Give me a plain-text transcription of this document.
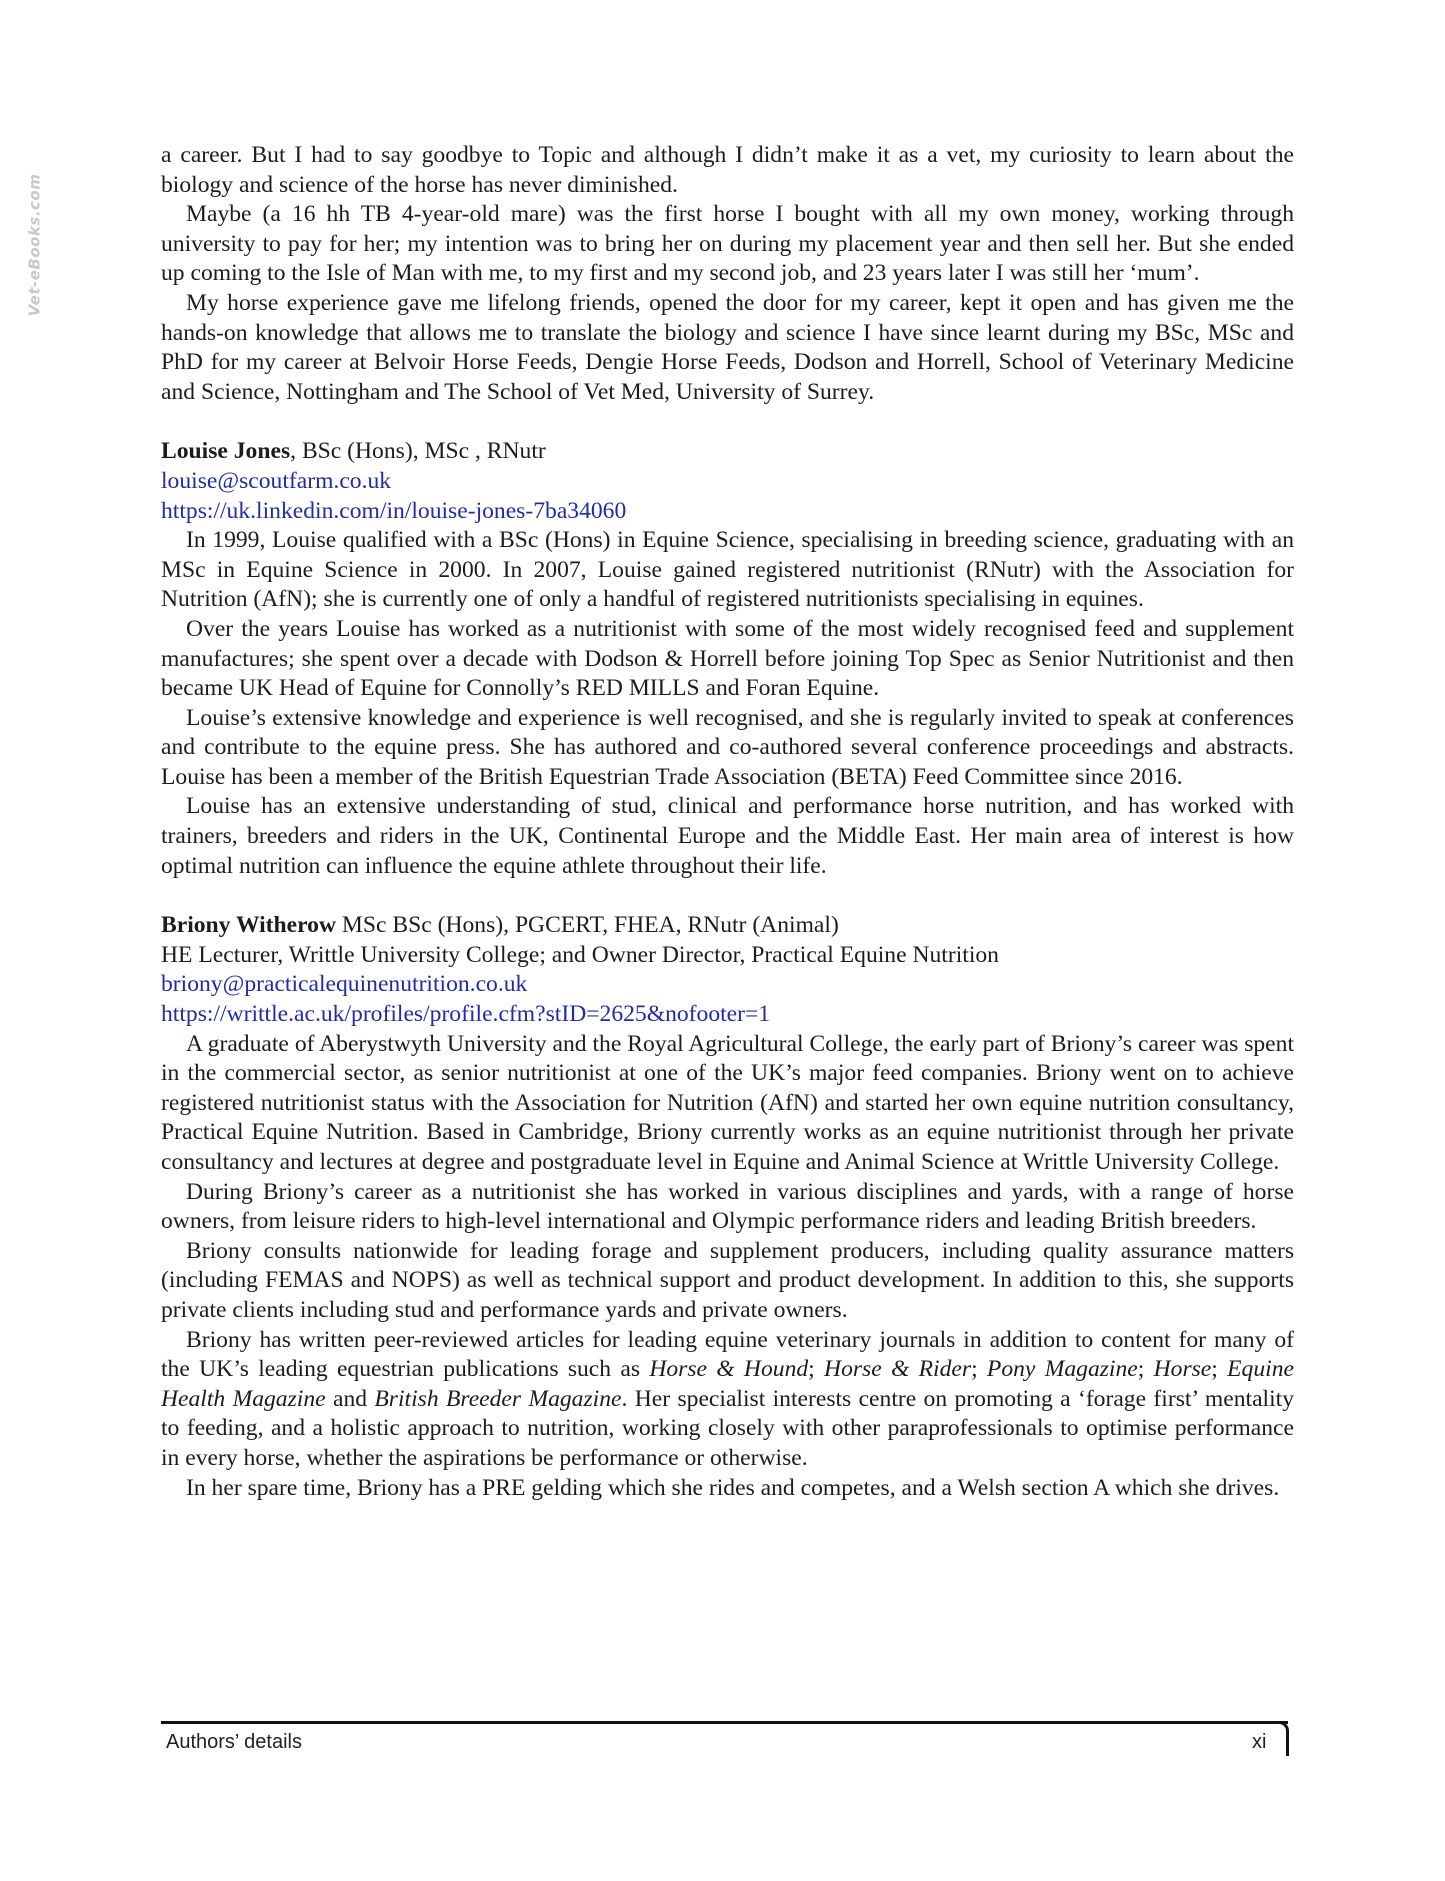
Vet-eBooks.com

a career. But I had to say goodbye to Topic and although I didn’t make it as a vet, my curiosity to learn about the biology and science of the horse has never diminished.

Maybe (a 16 hh TB 4-year-old mare) was the first horse I bought with all my own money, working through university to pay for her; my intention was to bring her on during my placement year and then sell her. But she ended up coming to the Isle of Man with me, to my first and my second job, and 23 years later I was still her ‘mum’.

My horse experience gave me lifelong friends, opened the door for my career, kept it open and has given me the hands-on knowledge that allows me to translate the biology and science I have since learnt during my BSc, MSc and PhD for my career at Belvoir Horse Feeds, Dengie Horse Feeds, Dodson and Horrell, School of Veterinary Medicine and Science, Nottingham and The School of Vet Med, University of Surrey.

Louise Jones, BSc (Hons), MSc , RNutr
louise@scoutfarm.co.uk
https://uk.linkedin.com/in/louise-jones-7ba34060

In 1999, Louise qualified with a BSc (Hons) in Equine Science, specialising in breeding science, graduating with an MSc in Equine Science in 2000. In 2007, Louise gained registered nutritionist (RNutr) with the Association for Nutrition (AfN); she is currently one of only a handful of registered nutritionists specialising in equines.

Over the years Louise has worked as a nutritionist with some of the most widely recognised feed and supplement manufactures; she spent over a decade with Dodson & Horrell before joining Top Spec as Senior Nutritionist and then became UK Head of Equine for Connolly’s RED MILLS and Foran Equine.

Louise’s extensive knowledge and experience is well recognised, and she is regularly invited to speak at conferences and contribute to the equine press. She has authored and co-authored several conference proceedings and abstracts. Louise has been a member of the British Equestrian Trade Association (BETA) Feed Committee since 2016.

Louise has an extensive understanding of stud, clinical and performance horse nutrition, and has worked with trainers, breeders and riders in the UK, Continental Europe and the Middle East. Her main area of interest is how optimal nutrition can influence the equine athlete throughout their life.

Briony Witherow MSc BSc (Hons), PGCERT, FHEA, RNutr (Animal)
HE Lecturer, Writtle University College; and Owner Director, Practical Equine Nutrition
briony@practicalequinenutrition.co.uk
https://writtle.ac.uk/profiles/profile.cfm?stID=2625&nofooter=1

A graduate of Aberystwyth University and the Royal Agricultural College, the early part of Briony’s career was spent in the commercial sector, as senior nutritionist at one of the UK’s major feed companies. Briony went on to achieve registered nutritionist status with the Association for Nutrition (AfN) and started her own equine nutrition consultancy, Practical Equine Nutrition. Based in Cambridge, Briony currently works as an equine nutritionist through her private consultancy and lectures at degree and postgraduate level in Equine and Animal Science at Writtle University College.

During Briony’s career as a nutritionist she has worked in various disciplines and yards, with a range of horse owners, from leisure riders to high-level international and Olympic performance riders and leading British breeders.

Briony consults nationwide for leading forage and supplement producers, including quality assurance matters (including FEMAS and NOPS) as well as technical support and product development. In addition to this, she supports private clients including stud and performance yards and private owners.

Briony has written peer-reviewed articles for leading equine veterinary journals in addition to content for many of the UK’s leading equestrian publications such as Horse & Hound; Horse & Rider; Pony Magazine; Horse; Equine Health Magazine and British Breeder Magazine. Her specialist interests centre on promoting a ‘forage first’ mentality to feeding, and a holistic approach to nutrition, working closely with other paraprofessionals to optimise performance in every horse, whether the aspirations be performance or otherwise.

In her spare time, Briony has a PRE gelding which she rides and competes, and a Welsh section A which she drives.

Authors’ details	xi
